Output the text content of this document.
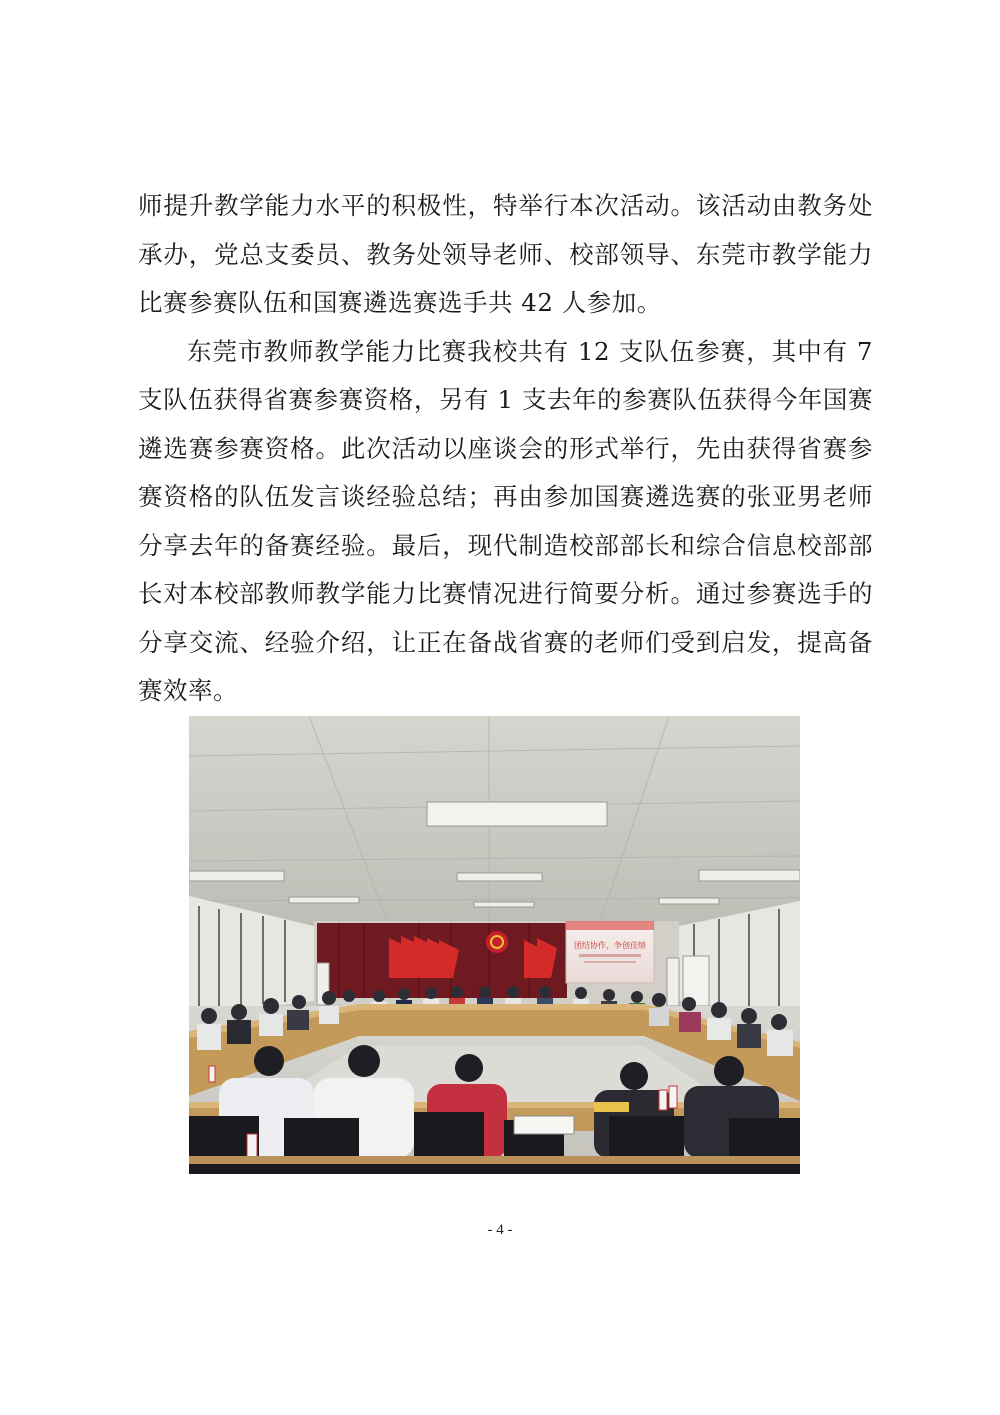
师提升教学能力水平的积极性，特举行本次活动。该活动由教务处承办，党总支委员、教务处领导老师、校部领导、东莞市教学能力比赛参赛队伍和国赛遴选赛选手共 42 人参加。

东莞市教师教学能力比赛我校共有 12 支队伍参赛，其中有 7 支队伍获得省赛参赛资格，另有 1 支去年的参赛队伍获得今年国赛遴选赛参赛资格。此次活动以座谈会的形式举行，先由获得省赛参赛资格的队伍发言谈经验总结；再由参加国赛遴选赛的张亚男老师分享去年的备赛经验。最后，现代制造校部部长和综合信息校部部长对本校部教师教学能力比赛情况进行简要分析。通过参赛选手的分享交流、经验介绍，让正在备战省赛的老师们受到启发，提高备赛效率。

团结协作，争创佳绩
- 4 -
